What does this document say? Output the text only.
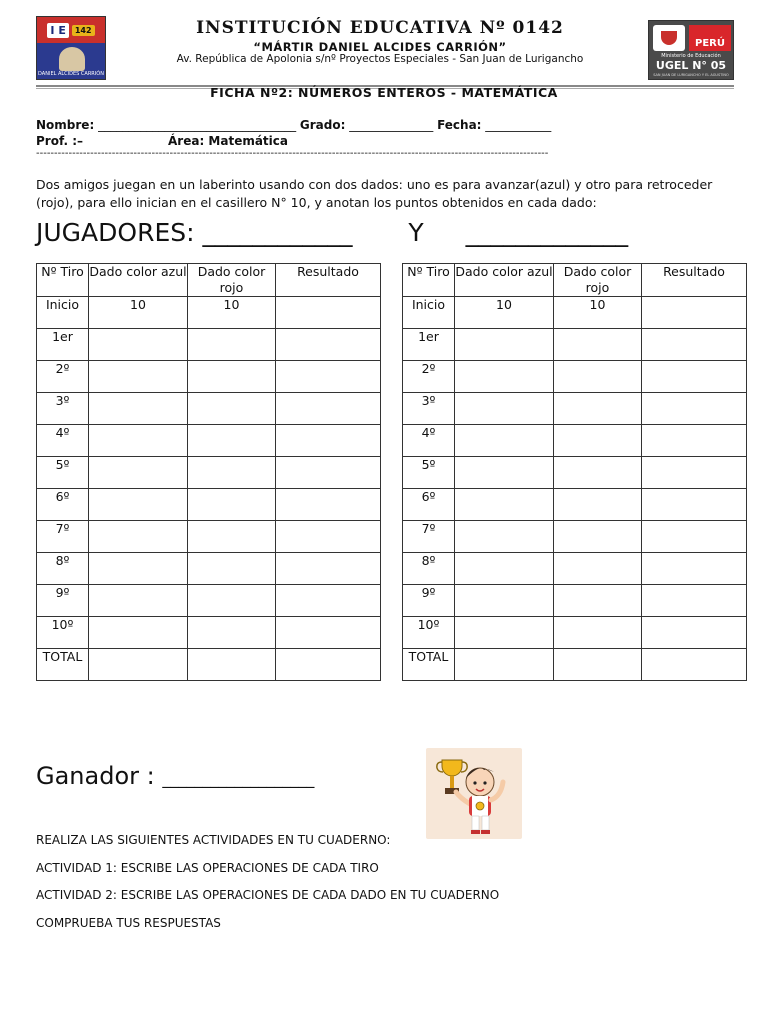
I E	142
DANIEL ALCIDES CARRIÓN
INSTITUCIÓN EDUCATIVA Nº 0142
“MÁRTIR DANIEL ALCIDES CARRIÓN”
Av. República de Apolonia s/nº Proyectos Especiales - San Juan de Lurigancho
PERÚ
Ministerio de Educación
UGEL N° 05
SAN JUAN DE LURIGANCHO Y EL AGUSTINO
FICHA Nº2: NÚMEROS ENTEROS - MATEMÁTICA
Nombre: _________________________________ Grado: ______________ Fecha: ___________
Prof. :–	Área: Matemática
----------------------------------------------------------------------------------------------------------------------------------------------
Dos amigos juegan en un laberinto usando con dos dados: uno es para avanzar(azul) y otro para retroceder (rojo), para ello inician en el casillero N° 10, y anotan los puntos obtenidos en cada dado:
JUGADORES: ____________ Y _____________
Nº Tiro	Dado color azul	Dado color rojo	Resultado
Inicio	10	10	
1er			
2º			
3º			
4º			
5º			
6º			
7º			
8º			
9º			
10º			
TOTAL			
Nº Tiro	Dado color azul	Dado color rojo	Resultado
Inicio	10	10	
1er			
2º			
3º			
4º			
5º			
6º			
7º			
8º			
9º			
10º			
TOTAL			
Ganador : ___________________
REALIZA LAS SIGUIENTES ACTIVIDADES EN TU CUADERNO:
ACTIVIDAD 1: ESCRIBE LAS OPERACIONES DE CADA TIRO
ACTIVIDAD 2: ESCRIBE LAS OPERACIONES DE CADA DADO EN TU CUADERNO
COMPRUEBA TUS RESPUESTAS
